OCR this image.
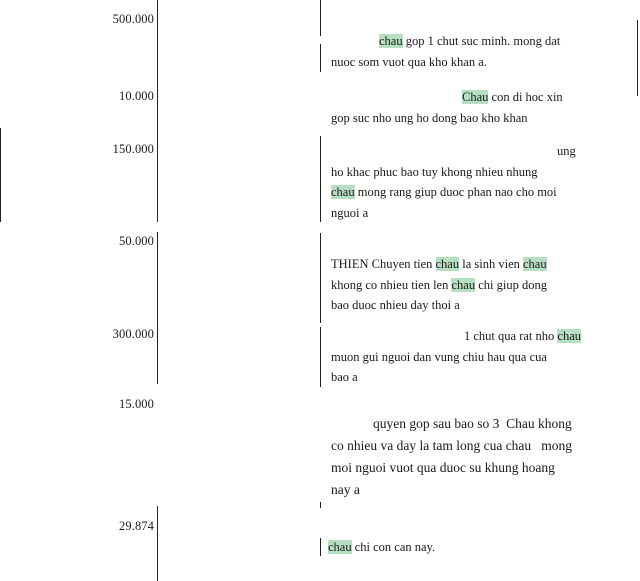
500.000
10.000
150.000
50.000
300.000
15.000
29.874
chau gop 1 chut suc minh. mong dat
nuoc som vuot qua kho khan a.
Chau con di hoc xin
gop suc nho ung ho dong bao kho khan
ung
ho khac phuc bao tuy khong nhieu nhung
chau mong rang giup duoc phan nao cho moi
nguoi a
THIEN Chuyen tien chau la sinh vien chau
khong co nhieu tien len chau chi giup dong
bao duoc nhieu day thoi a
1 chut qua rat nho chau
muon gui nguoi dan vung chiu hau qua cua
bao a
quyen gop sau bao so 3  Chau khong
co nhieu va day la tam long cua chau   mong
moi nguoi vuot qua duoc su khung hoang
nay a
chau chi con can nay.
